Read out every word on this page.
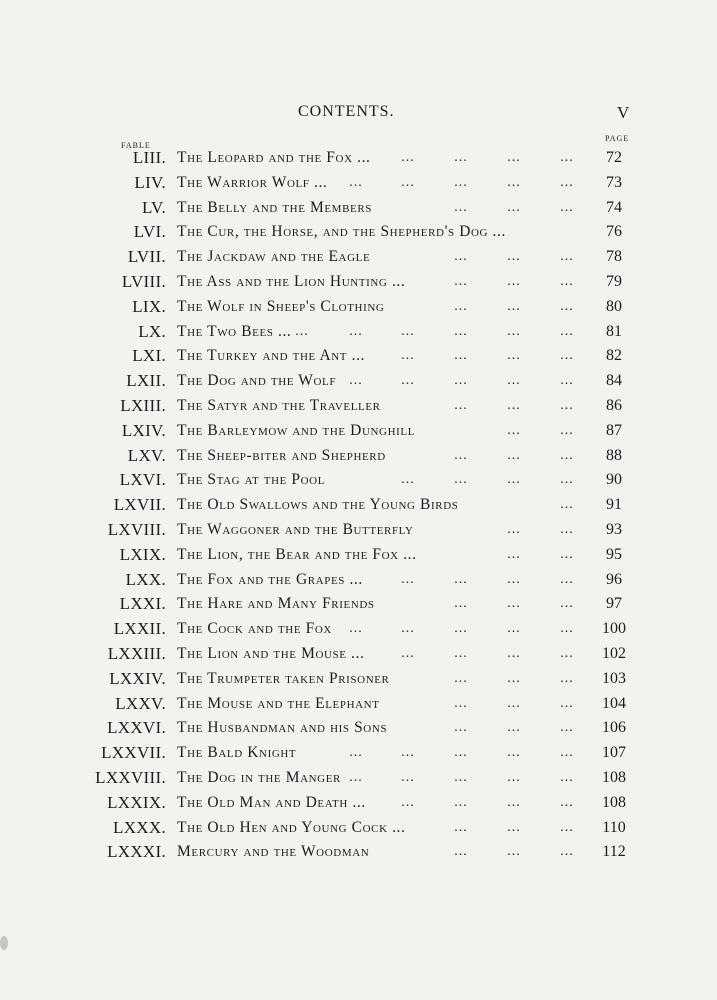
CONTENTS.	V
FABLE
PAGE
LIII. The Leopard and the Fox ...	...	...	...	...	72
LIV. The Warrior Wolf ...	...	...	...	...	...	73
LV. The Belly and the Members	...	...	...	74
LVI. The Cur, the Horse, and the Shepherd's Dog ...	76
LVII. The Jackdaw and the Eagle	...	...	...	78
LVIII. The Ass and the Lion Hunting ...	...	...	...	79
LIX. The Wolf in Sheep's Clothing	...	...	...	80
LX. The Two Bees ... ...	...	...	...	...	...	81
LXI. The Turkey and the Ant ...	...	...	...	...	82
LXII. The Dog and the Wolf ...	...	...	...	...	84
LXIII. The Satyr and the Traveller	...	...	...	86
LXIV. The Barleymow and the Dunghill	...	...	87
LXV. The Sheep-biter and Shepherd	...	...	...	88
LXVI. The Stag at the Pool	...	...	...	...	90
LXVII. The Old Swallows and the Young Birds	...	91
LXVIII. The Waggoner and the Butterfly	...	...	93
LXIX. The Lion, the Bear and the Fox ...	...	...	95
LXX. The Fox and the Grapes ...	...	...	...	...	96
LXXI. The Hare and Many Friends	...	...	...	97
LXXII. The Cock and the Fox	...	...	...	...	...	100
LXXIII. The Lion and the Mouse ...	...	...	...	...	102
LXXIV. The Trumpeter taken Prisoner	...	...	...	103
LXXV. The Mouse and the Elephant	...	...	...	104
LXXVI. The Husbandman and his Sons	...	...	...	106
LXXVII. The Bald Knight	...	...	...	...	...	107
LXXVIII. The Dog in the Manger ...	...	...	...	...	108
LXXIX. The Old Man and Death ...	...	...	...	...	108
LXXX. The Old Hen and Young Cock ...	...	...	...	110
LXXXI. Mercury and the Woodman	...	...	...	112
